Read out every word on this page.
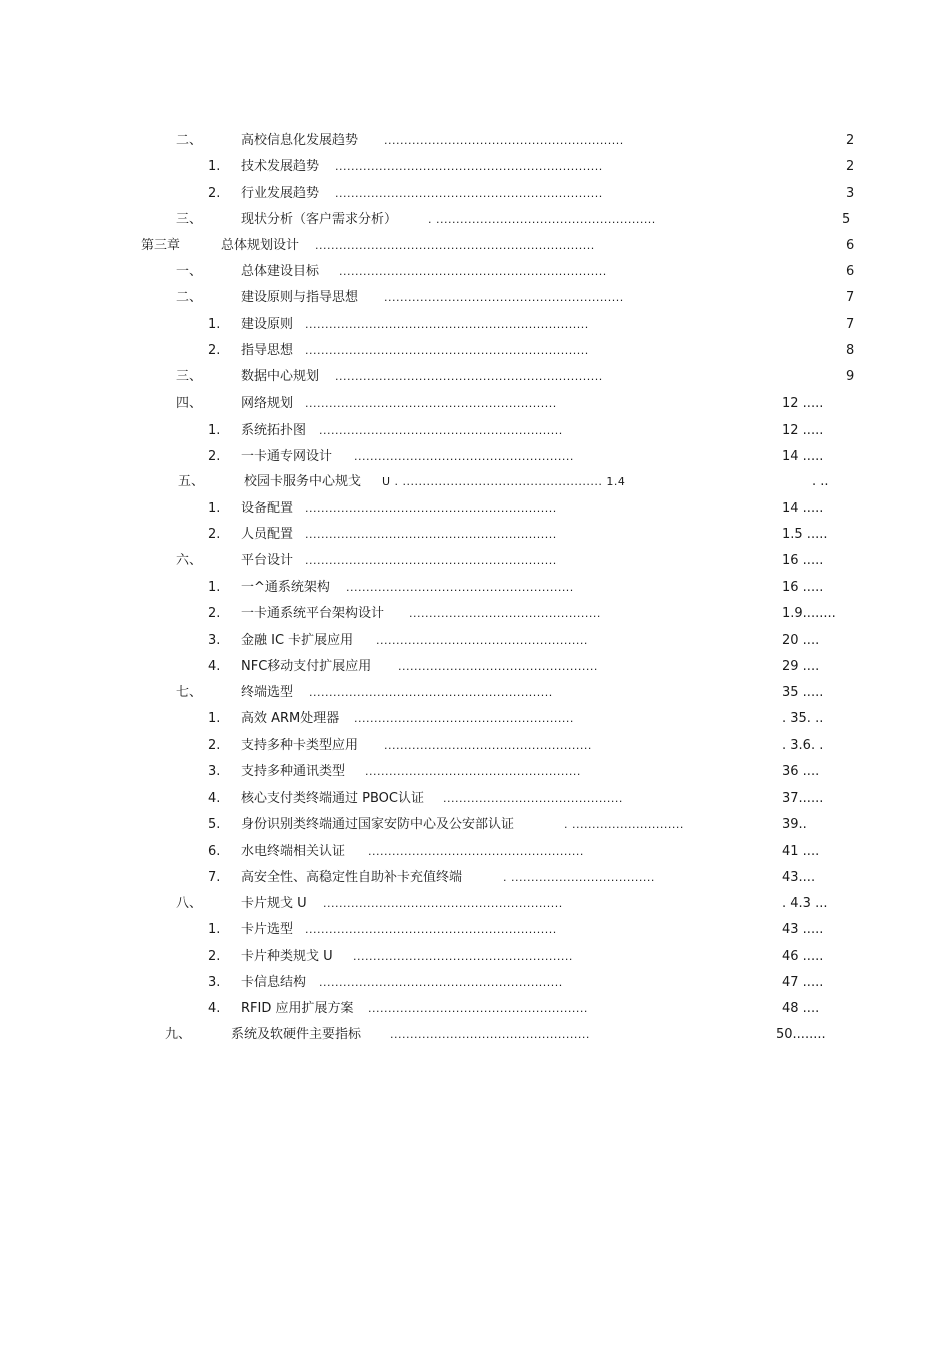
二、	高校信息化发展趋势 ............................................................	2
1. 技术发展趋势 ...................................................................	2
2. 行业发展趋势 ...................................................................	3
三、	现状分析（客户需求分析）	. .......................................................	5
第三章	总体规划设计 ......................................................................	6
一、	总体建设目标 ...................................................................	6
二、	建设原则与指导思想 ............................................................	7
1. 建设原则 .......................................................................	7
2. 指导思想 .......................................................................	8
三、	数据中心规划 ...................................................................	9
四、	网络规划 ...............................................................	12 .....
1. 系统拓扑图 .............................................................	12 .....
2. 一卡通专网设计 .......................................................	14 .....
五、	校园卡服务中心规戈 U . .................................................. 1.4	. ..
1. 设备配置 ...............................................................	14 .....
2. 人员配置 ...............................................................	1.5 .....
六、	平台设计 ...............................................................	16 .....
1. 一^通系统架构 .........................................................	16 .....
2. 一卡通系统平台架构设计 ................................................	1.9........
3. 金融 IC 卡扩展应用 .....................................................	20 ....
4. NFC移动支付扩展应用 ..................................................	29 ....
七、	终端选型 .............................................................	35 .....
1. 高效 ARM处理器 .......................................................	. 35. ..
2. 支持多种卡类型应用 ....................................................	. 3.6. .
3. 支持多种通讯类型 ......................................................	36 ....
4. 核心支付类终端通过 PBOC认证 .............................................	37......
5. 身份识别类终端通过国家安防中心及公安部认证	. ............................	39..
6. 水电终端相关认证 ......................................................	41 ....
7. 高安全性、高稳定性自助补卡充值终端	. ....................................	43....
八、	卡片规戈 U ............................................................	. 4.3 ...
1. 卡片选型 ...............................................................	43 .....
2. 卡片种类规戈 U .......................................................	46 .....
3. 卡信息结构 .............................................................	47 .....
4. RFID 应用扩展方案 .......................................................	48 ....
九、	系统及软硬件主要指标	..................................................	50........
